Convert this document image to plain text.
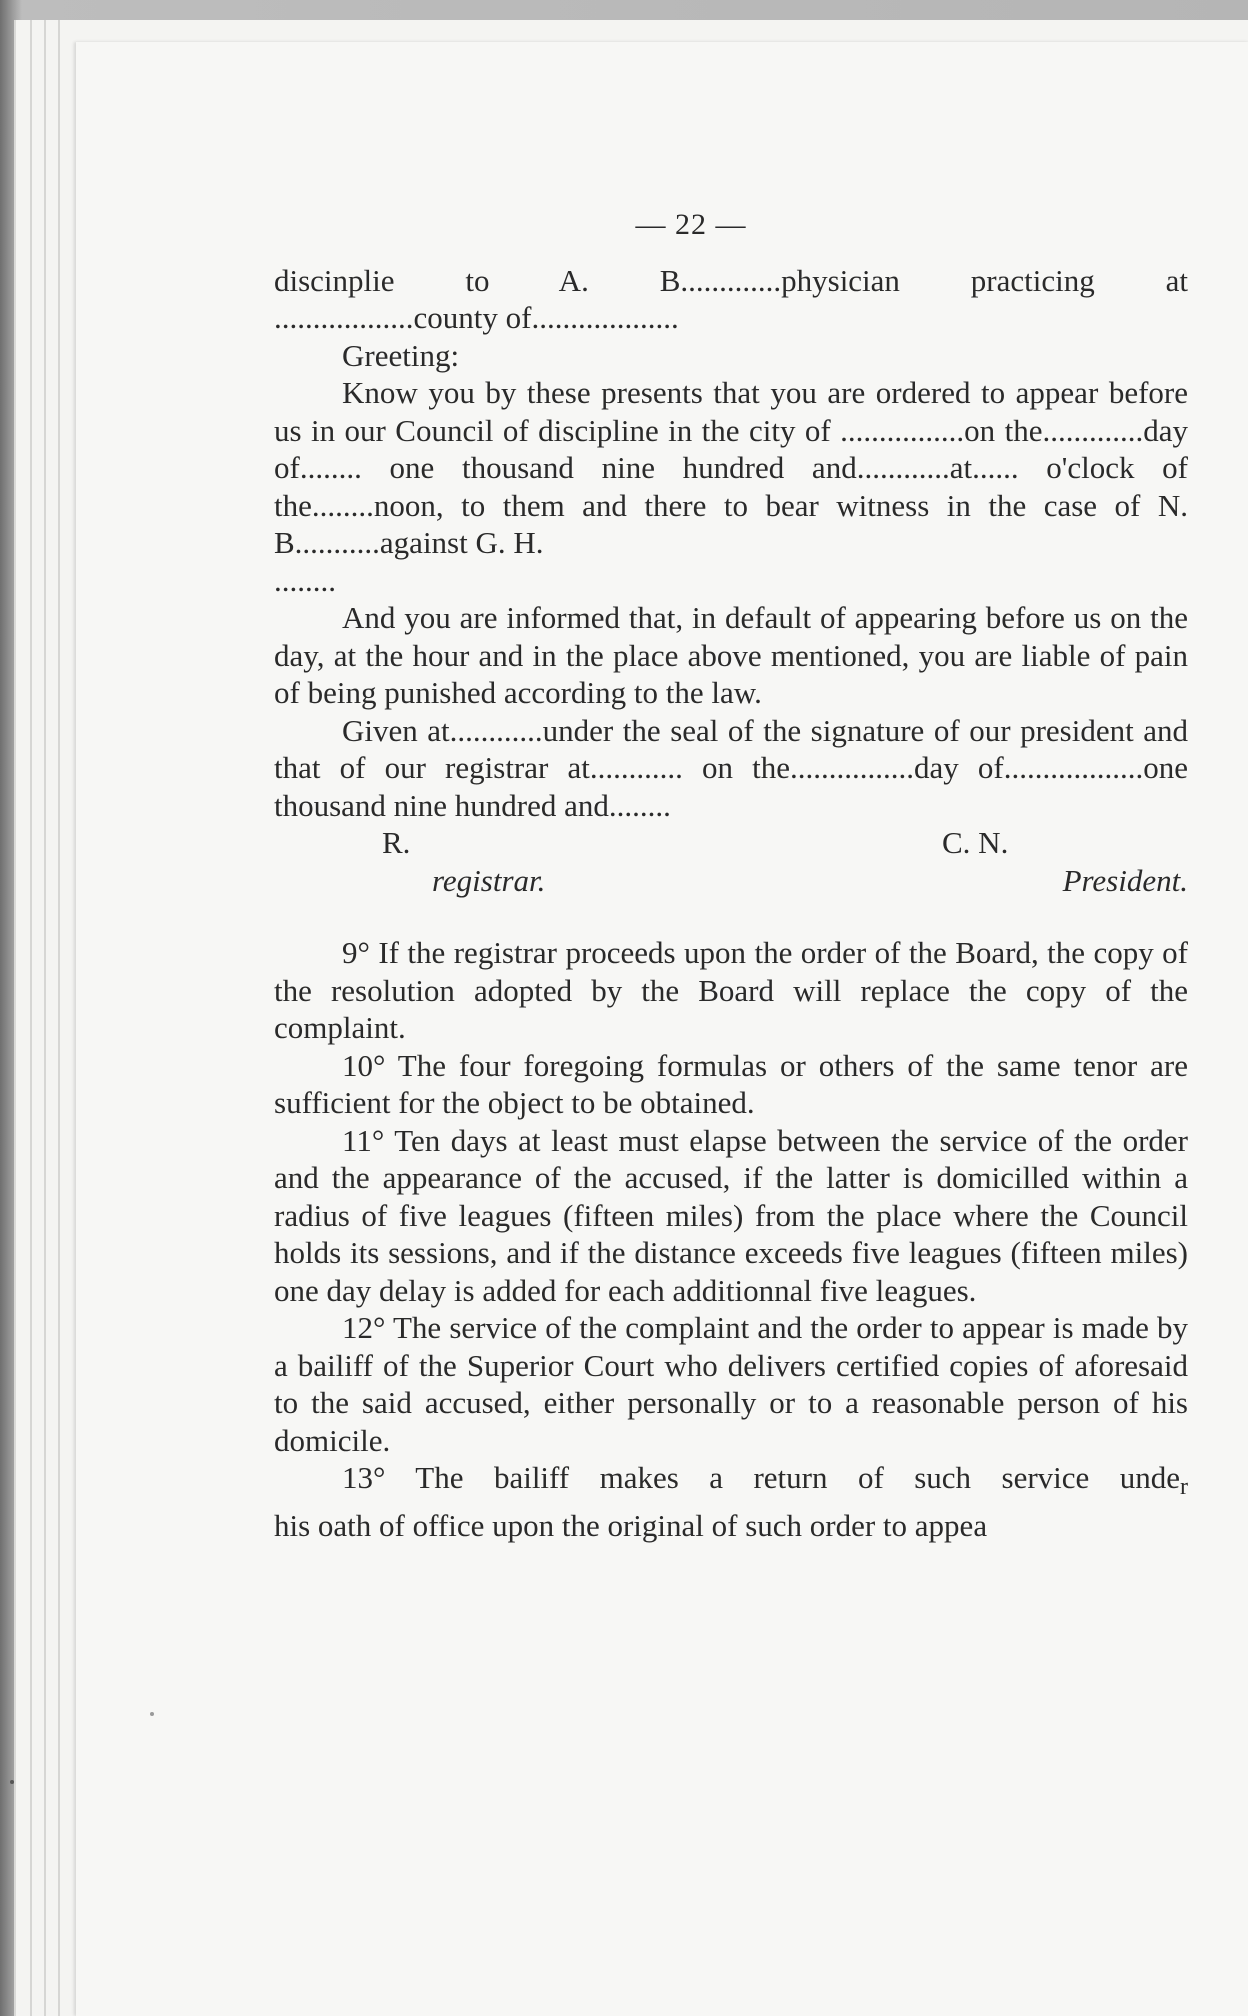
— 22 —

discinplie to A. B.............physician practicing at

..................county of...................

Greeting:

Know you by these presents that you are ordered to appear before us in our Council of discipline in the city of ................on the.............day of........ one thousand nine hundred and............at...... o'clock of the........noon, to them and there to bear witness in the case of N. B...........against G. H.

........

And you are informed that, in default of appearing before us on the day, at the hour and in the place above mentioned, you are liable of pain of being punished according to the law.

Given at............under the seal of the signature of our president and that of our registrar at............ on the................day of..................one thousand nine hundred and........

R.	C. N.
registrar.	President.

9° If the registrar proceeds upon the order of the Board, the copy of the resolution adopted by the Board will replace the copy of the complaint.

10° The four foregoing formulas or others of the same tenor are sufficient for the object to be obtained.

11° Ten days at least must elapse between the service of the order and the appearance of the accused, if the latter is domicilled within a radius of five leagues (fifteen miles) from the place where the Council holds its sessions, and if the distance exceeds five leagues (fifteen miles) one day delay is added for each additionnal five leagues.

12° The service of the complaint and the order to appear is made by a bailiff of the Superior Court who delivers certified copies of aforesaid to the said accused, either personally or to a reasonable person of his domicile.

13° The bailiff makes a return of such service under

his oath of office upon the original of such order to appea
